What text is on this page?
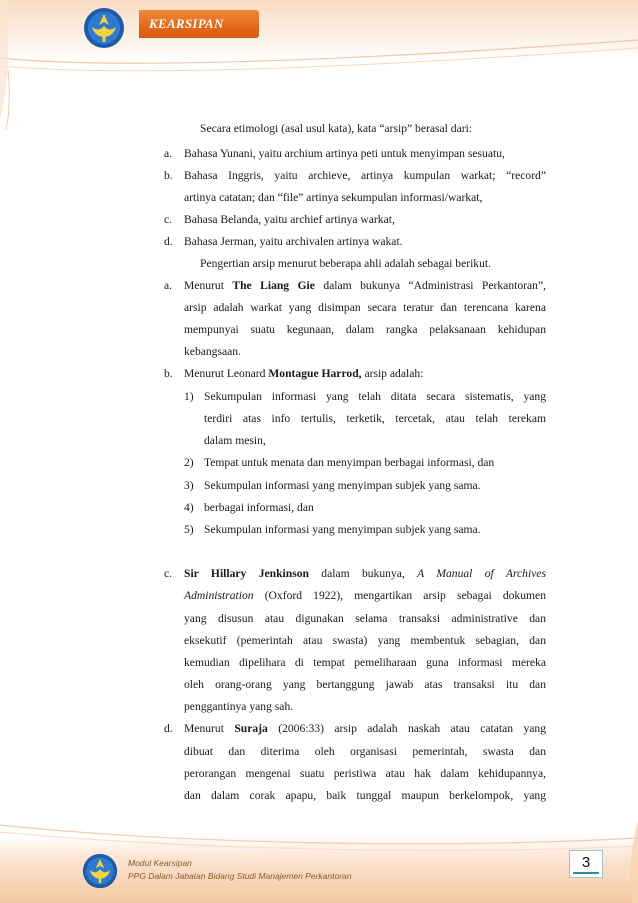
KEARSIPAN
Modul Kearsipan
PPG Dalam Jabatan Bidang Studi Manajemen Perkantoran
3
Secara etimologi (asal usul kata), kata “arsip” berasal dari:
a. Bahasa Yunani, yaitu archium artinya peti untuk menyimpan sesuatu,
b. Bahasa Inggris, yaitu archieve, artinya kumpulan warkat; “record”
artinya catatan; dan “file” artinya sekumpulan informasi/warkat,
c. Bahasa Belanda, yaitu archief artinya warkat,
d. Bahasa Jerman, yaitu archivalen artinya wakat.
Pengertian arsip menurut beberapa ahli adalah sebagai berikut.
a. Menurut The Liang Gie dalam bukunya “Administrasi Perkantoran”,
arsip adalah warkat yang disimpan secara teratur dan terencana karena
mempunyai suatu kegunaan, dalam rangka pelaksanaan kehidupan
kebangsaan.
b. Menurut Leonard Montague Harrod, arsip adalah:
1) Sekumpulan informasi yang telah ditata secara sistematis, yang
terdiri atas info tertulis, terketik, tercetak, atau telah terekam
dalam mesin,
2) Tempat untuk menata dan menyimpan berbagai informasi, dan
3) Sekumpulan informasi yang menyimpan subjek yang sama.
4) berbagai informasi, dan
5) Sekumpulan informasi yang menyimpan subjek yang sama.
c. Sir Hillary Jenkinson dalam bukunya, A Manual of Archives
Administration (Oxford 1922), mengartikan arsip sebagai dokumen
yang disusun atau digunakan selama transaksi administrative dan
eksekutif (pemerintah atau swasta) yang membentuk sebagian, dan
kemudian dipelihara di tempat pemeliharaan guna informasi mereka
oleh orang-orang yang bertanggung jawab atas transaksi itu dan
penggantinya yang sah.
d. Menurut Suraja (2006:33) arsip adalah naskah atau catatan yang
dibuat dan diterima oleh organisasi pemerintah, swasta dan
perorangan mengenai suatu peristiwa atau hak dalam kehidupannya,
dan dalam corak apapu, baik tunggal maupun berkelompok, yang
